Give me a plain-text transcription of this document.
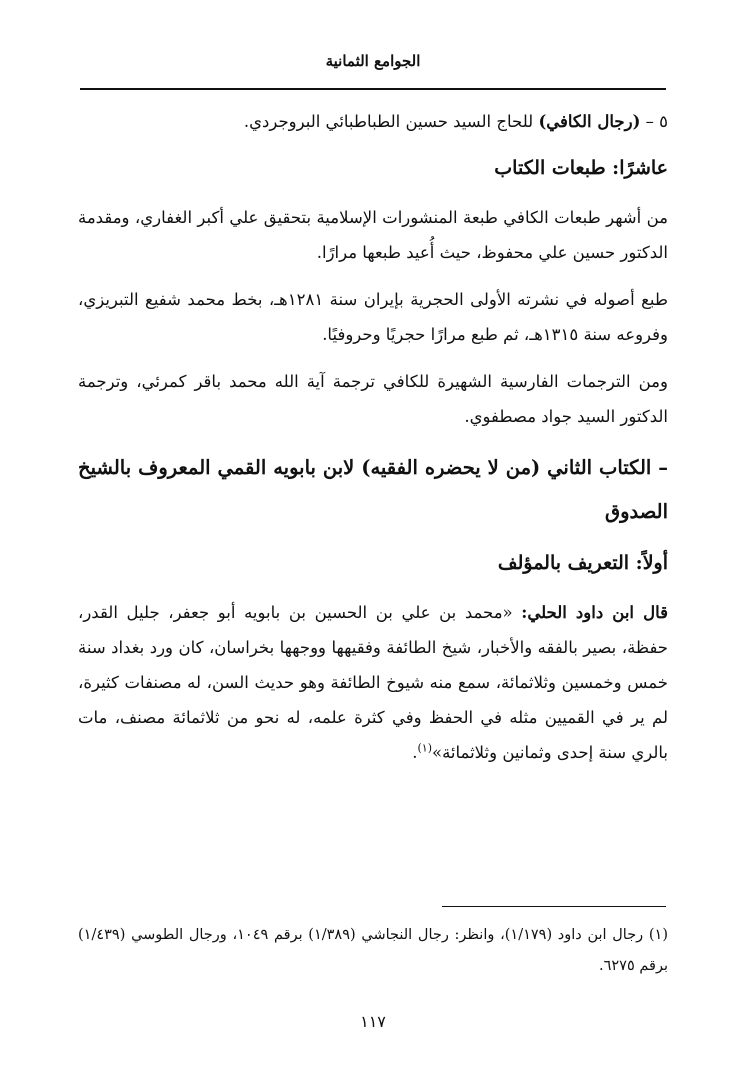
الجوامع الثمانية

٥ – (رجال الكافي) للحاج السيد حسين الطباطبائي البروجردي.

عاشرًا: طبعات الكتاب

من أشهر طبعات الكافي طبعة المنشورات الإسلامية بتحقيق علي أكبر الغفاري، ومقدمة الدكتور حسين علي محفوظ، حيث أُعيد طبعها مرارًا.

طبع أصوله في نشرته الأولى الحجرية بإيران سنة ١٢٨١هـ، بخط محمد شفيع التبريزي، وفروعه سنة ١٣١٥هـ، ثم طبع مرارًا حجريًا وحروفيًا.

ومن الترجمات الفارسية الشهيرة للكافي ترجمة آية الله محمد باقر كمرئي، وترجمة الدكتور السيد جواد مصطفوي.

– الكتاب الثاني (من لا يحضره الفقيه) لابن بابويه القمي المعروف بالشيخ الصدوق
أولاً: التعريف بالمؤلف

قال ابن داود الحلي: «محمد بن علي بن الحسين بن بابويه أبو جعفر، جليل القدر، حفظة، بصير بالفقه والأخبار، شيخ الطائفة وفقيهها ووجهها بخراسان، كان ورد بغداد سنة خمس وخمسين وثلاثمائة، سمع منه شيوخ الطائفة وهو حديث السن، له مصنفات كثيرة، لم ير في القميين مثله في الحفظ وفي كثرة علمه، له نحو من ثلاثمائة مصنف، مات بالري سنة إحدى وثمانين وثلاثمائة»$^{(١)}$.

(١) رجال ابن داود (١/١٧٩)، وانظر: رجال النجاشي (١/٣٨٩) برقم ١٠٤٩، ورجال الطوسي (١/٤٣٩) برقم ٦٢٧٥.
١١٧
